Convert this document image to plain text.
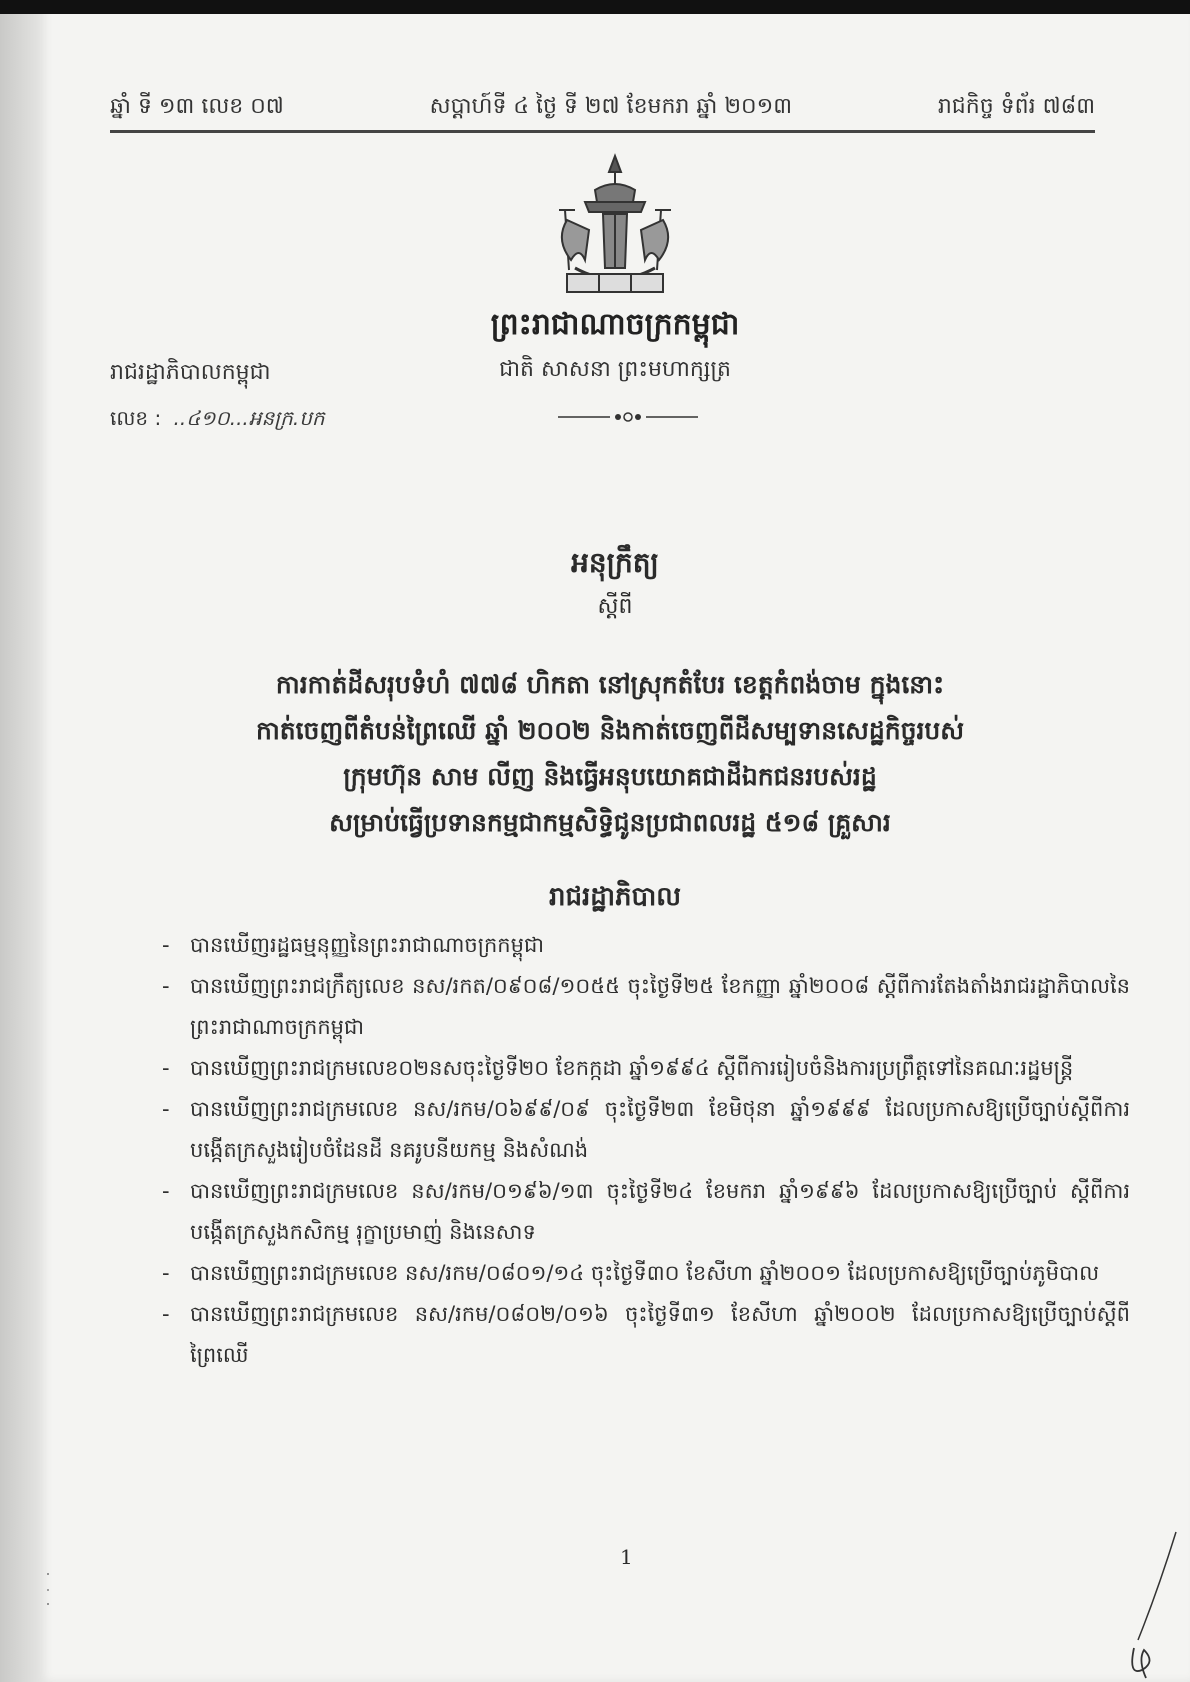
ឆ្នាំ ទី ១៣ លេខ ០៧	សប្តាហ៍ទី ៤ ថ្ងៃ ទី ២៧ ខែមករា ឆ្នាំ ២០១៣	រាជកិច្ច ទំព័រ ៧៨៣
ព្រះរាជាណាចក្រកម្ពុជា
ជាតិ សាសនា ព្រះមហាក្សត្រ
រាជរដ្ឋាភិបាលកម្ពុជា
លេខ : ..៤១០...អនក្រ.បក
អនុក្រឹត្យ
ស្តីពី
ការកាត់ដីសរុបទំហំ ៧៧៨ ហិកតា នៅស្រុកតំបែរ ខេត្តកំពង់ចាម ក្នុងនោះ
កាត់ចេញពីតំបន់ព្រៃឈើ ឆ្នាំ ២០០២ និងកាត់ចេញពីដីសម្បទានសេដ្ឋកិច្ចរបស់
ក្រុមហ៊ុន សាម លីញ និងធ្វើអនុបយោគជាដីឯកជនរបស់រដ្ឋ
សម្រាប់ធ្វើប្រទានកម្មជាកម្មសិទ្ធិជូនប្រជាពលរដ្ឋ ៥១៨ គ្រួសារ
រាជរដ្ឋាភិបាល
- បានឃើញរដ្ឋធម្មនុញ្ញនៃព្រះរាជាណាចក្រកម្ពុជា
- បានឃើញព្រះរាជក្រឹត្យលេខ នស/រកត/០៩០៨/១០៥៥ ចុះថ្ងៃទី២៥ ខែកញ្ញា ឆ្នាំ២០០៨ ស្តីពីការតែងតាំងរាជរដ្ឋាភិបាលនៃព្រះរាជាណាចក្រកម្ពុជា
- បានឃើញព្រះរាជក្រមលេខ០២នសចុះថ្ងៃទី២០ ខែកក្កដា ឆ្នាំ១៩៩៤ ស្តីពីការរៀបចំនិងការប្រព្រឹត្តទៅនៃគណៈរដ្ឋមន្ត្រី
- បានឃើញព្រះរាជក្រមលេខ នស/រកម/០៦៩៩/០៩ ចុះថ្ងៃទី២៣ ខែមិថុនា ឆ្នាំ១៩៩៩ ដែលប្រកាសឱ្យប្រើច្បាប់ស្តីពីការបង្កើតក្រសួងរៀបចំដែនដី នគរូបនីយកម្ម និងសំណង់
- បានឃើញព្រះរាជក្រមលេខ នស/រកម/០១៩៦/១៣ ចុះថ្ងៃទី២៤ ខែមករា ឆ្នាំ១៩៩៦ ដែលប្រកាសឱ្យប្រើច្បាប់ ស្តីពីការបង្កើតក្រសួងកសិកម្ម រុក្ខាប្រមាញ់ និងនេសាទ
- បានឃើញព្រះរាជក្រមលេខ នស/រកម/០៨០១/១៤ ចុះថ្ងៃទី៣០ ខែសីហា ឆ្នាំ២០០១ ដែលប្រកាសឱ្យប្រើច្បាប់ភូមិបាល
- បានឃើញព្រះរាជក្រមលេខ នស/រកម/០៨០២/០១៦ ចុះថ្ងៃទី៣១ ខែសីហា ឆ្នាំ២០០២ ដែលប្រកាសឱ្យប្រើច្បាប់ស្តីពីព្រៃឈើ
1
